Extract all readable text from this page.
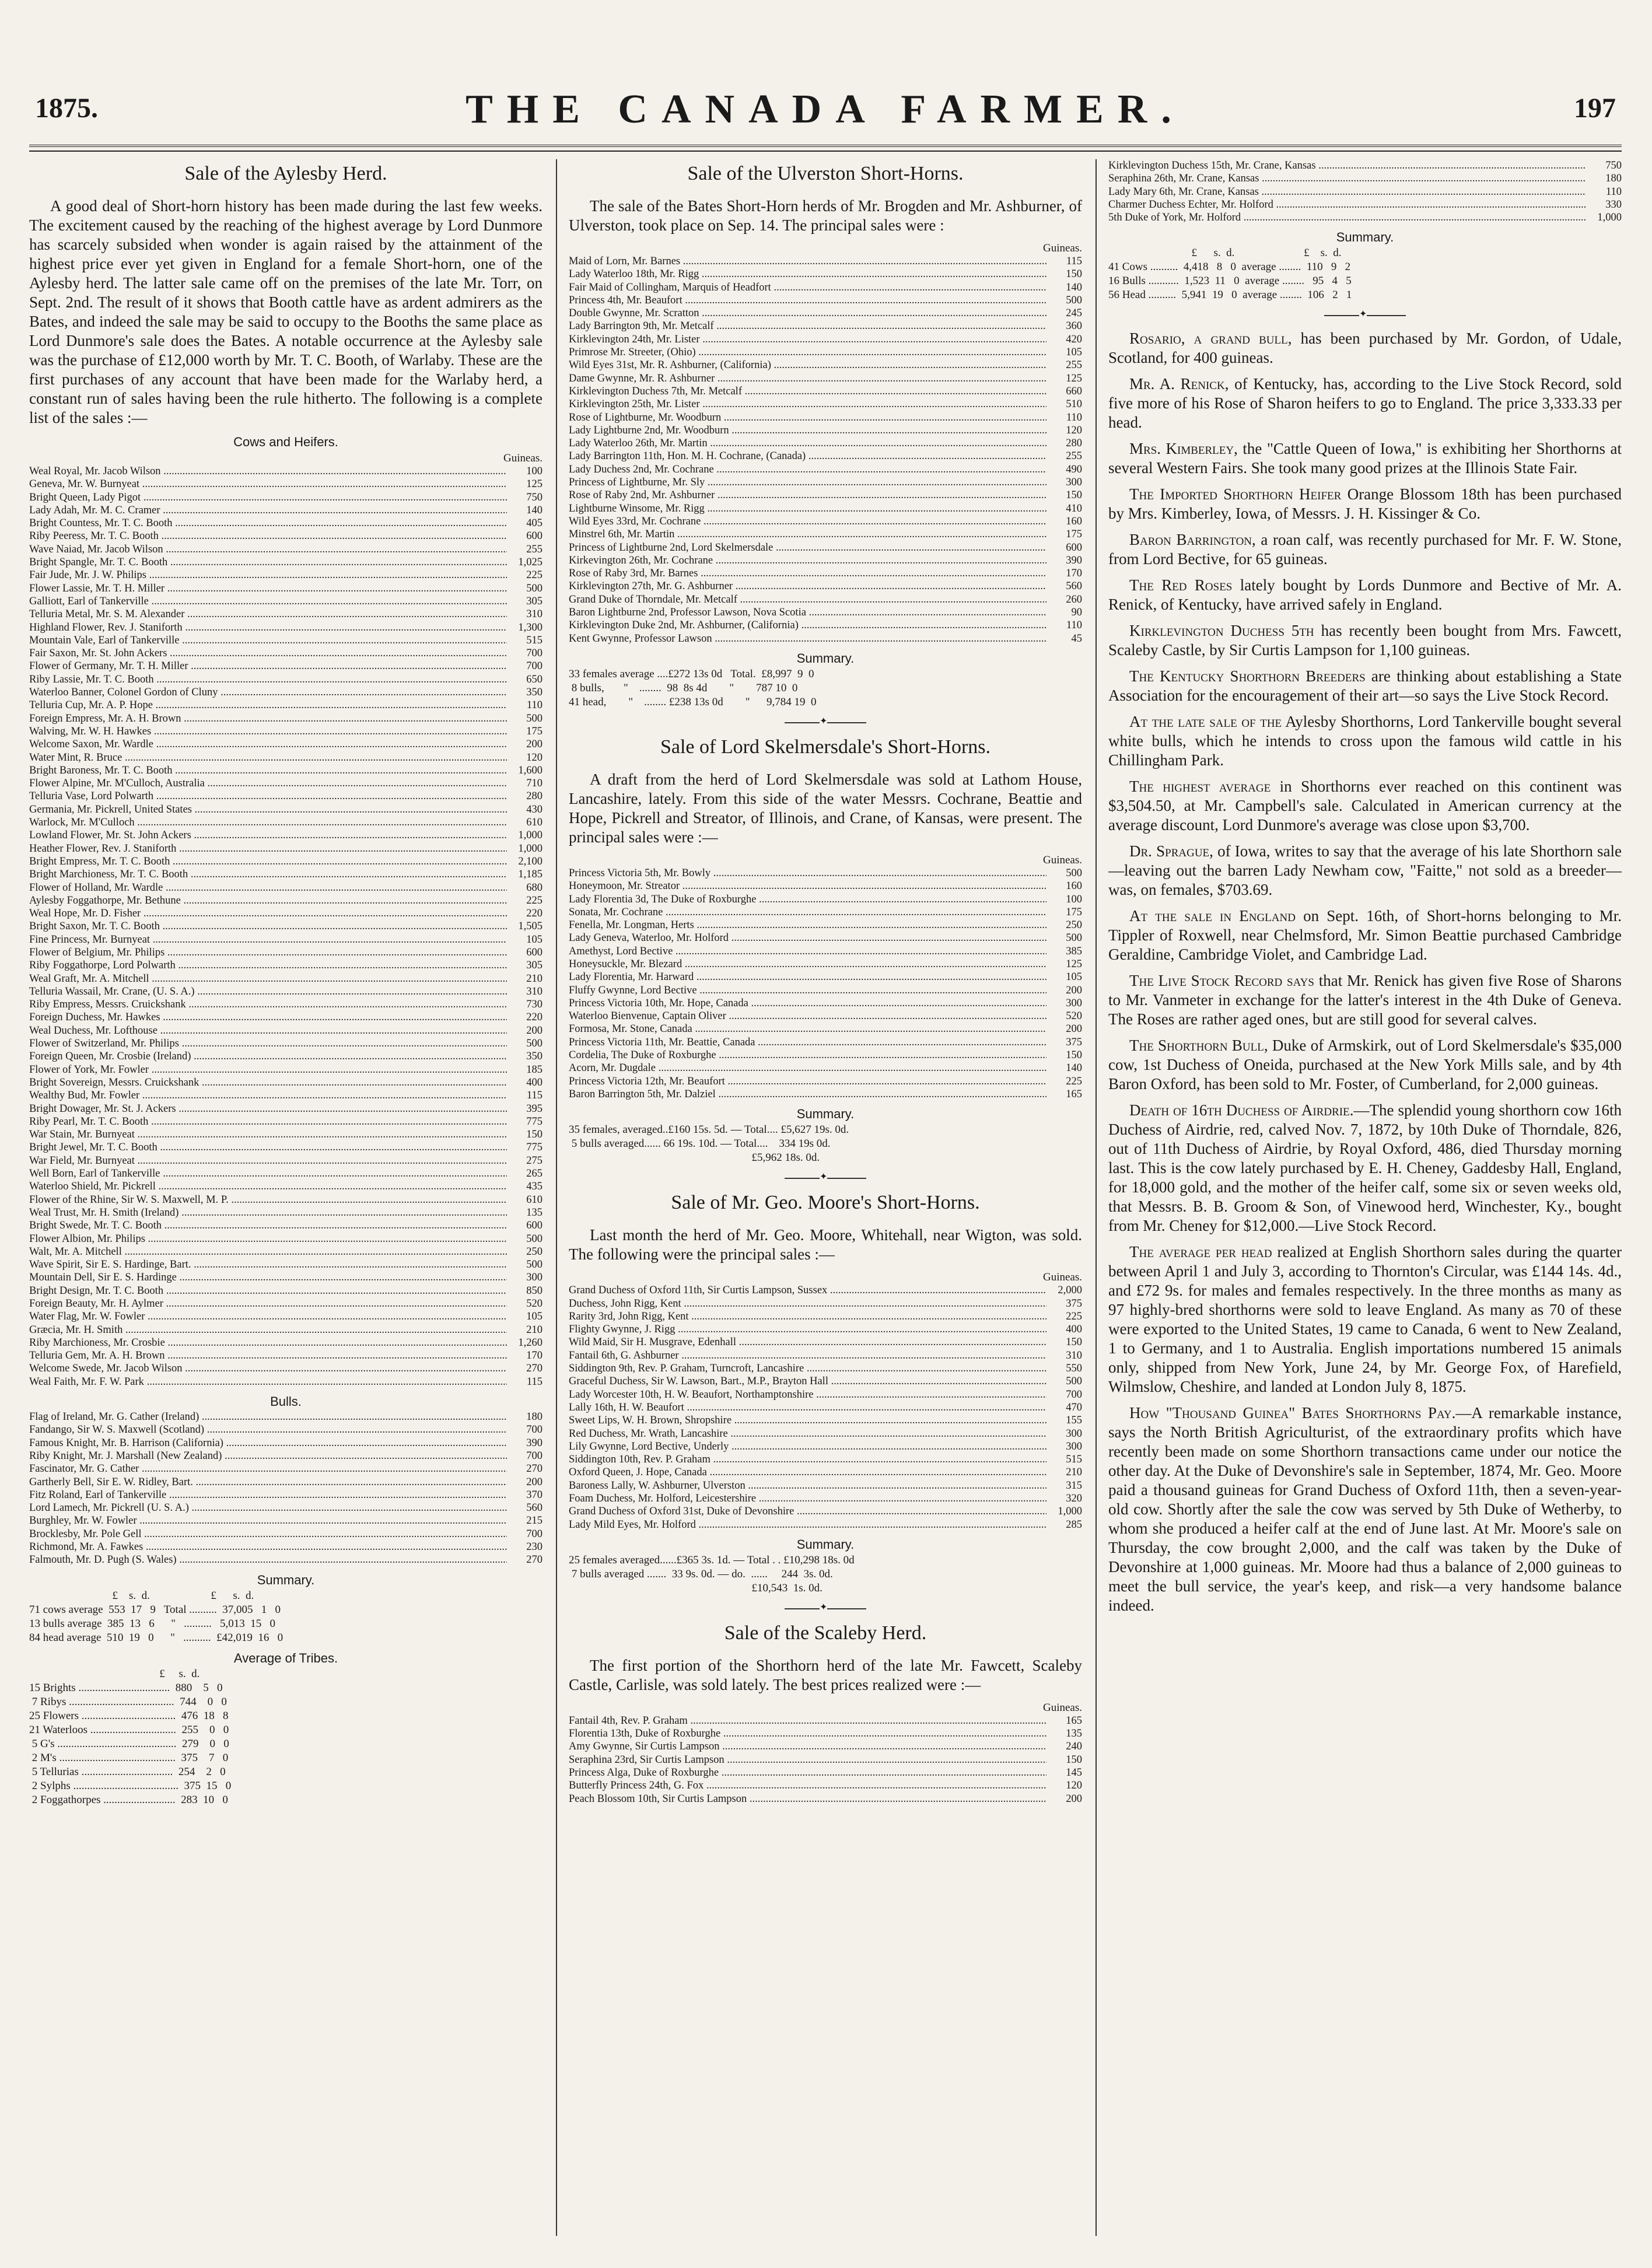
1875.	THE CANADA FARMER.	197
Sale of the Aylesby Herd.

A good deal of Short-horn history has been made during the last few weeks. The excitement caused by the reaching of the highest average by Lord Dunmore has scarcely subsided when wonder is again raised by the attainment of the highest price ever yet given in England for a female Short-horn, one of the Aylesby herd. The latter sale came off on the premises of the late Mr. Torr, on Sept. 2nd. The result of it shows that Booth cattle have as ardent admirers as the Bates, and indeed the sale may be said to occupy to the Booths the same place as Lord Dunmore's sale does the Bates. A notable occurrence at the Aylesby sale was the purchase of £12,000 worth by Mr. T. C. Booth, of Warlaby. These are the first purchases of any account that have been made for the Warlaby herd, a constant run of sales having been the rule hitherto. The following is a complete list of the sales :—

Cows and Heifers.
Guineas.
Weal Royal, Mr. Jacob Wilson .....	100
Geneva, Mr. W. Burnyeat .....	125
Bright Queen, Lady Pigot .....	750
Lady Adah, Mr. M. C. Cramer .....	140
Bright Countess, Mr. T. C. Booth .....	405
Riby Peeress, Mr. T. C. Booth .....	600
Wave Naiad, Mr. Jacob Wilson .....	255
Bright Spangle, Mr. T. C. Booth .....	1,025
Fair Jude, Mr. J. W. Philips .....	225
Flower Lassie, Mr. T. H. Miller .....	500
Galliott, Earl of Tankerville .....	305
Telluria Metal, Mr. S. M. Alexander .....	310
Highland Flower, Rev. J. Staniforth .....	1,300
Mountain Vale, Earl of Tankerville .....	515
Fair Saxon, Mr. St. John Ackers .....	700
Flower of Germany, Mr. T. H. Miller .....	700
Riby Lassie, Mr. T. C. Booth .....	650
Waterloo Banner, Colonel Gordon of Cluny .....	350
Telluria Cup, Mr. A. P. Hope .....	110
Foreign Empress, Mr. A. H. Brown .....	500
Walving, Mr. W. H. Hawkes .....	175
Welcome Saxon, Mr. Wardle .....	200
Water Mint, R. Bruce .....	120
Bright Baroness, Mr. T. C. Booth .....	1,600
Flower Alpine, Mr. M'Culloch, Australia .....	710
Telluria Vase, Lord Polwarth .....	280
Germania, Mr. Pickrell, United States .....	430
Warlock, Mr. M'Culloch .....	610
Lowland Flower, Mr. St. John Ackers .....	1,000
Heather Flower, Rev. J. Staniforth .....	1,000
Bright Empress, Mr. T. C. Booth .....	2,100
Bright Marchioness, Mr. T. C. Booth .....	1,185
Flower of Holland, Mr. Wardle .....	680
Aylesby Foggathorpe, Mr. Bethune .....	225
Weal Hope, Mr. D. Fisher .....	220
Bright Saxon, Mr. T. C. Booth .....	1,505
Fine Princess, Mr. Burnyeat .....	105
Flower of Belgium, Mr. Philips .....	600
Riby Foggathorpe, Lord Polwarth .....	305
Weal Graft, Mr. A. Mitchell .....	210
Telluria Wassail, Mr. Crane, (U. S. A.) .....	310
Riby Empress, Messrs. Cruickshank .....	730
Foreign Duchess, Mr. Hawkes .....	220
Weal Duchess, Mr. Lofthouse .....	200
Flower of Switzerland, Mr. Philips .....	500
Foreign Queen, Mr. Crosbie (Ireland) .....	350
Flower of York, Mr. Fowler .....	185
Bright Sovereign, Messrs. Cruickshank .....	400
Wealthy Bud, Mr. Fowler .....	115
Bright Dowager, Mr. St. J. Ackers .....	395
Riby Pearl, Mr. T. C. Booth .....	775
War Stain, Mr. Burnyeat .....	150
Bright Jewel, Mr. T. C. Booth .....	775
War Field, Mr. Burnyeat .....	275
Well Born, Earl of Tankerville .....	265
Waterloo Shield, Mr. Pickrell .....	435
Flower of the Rhine, Sir W. S. Maxwell, M. P. .....	610
Weal Trust, Mr. H. Smith (Ireland) .....	135
Bright Swede, Mr. T. C. Booth .....	600
Flower Albion, Mr. Philips .....	500
Walt, Mr. A. Mitchell .....	250
Wave Spirit, Sir E. S. Hardinge, Bart. .....	500
Mountain Dell, Sir E. S. Hardinge .....	300
Bright Design, Mr. T. C. Booth .....	850
Foreign Beauty, Mr. H. Aylmer .....	520
Water Flag, Mr. W. Fowler .....	105
Græcia, Mr. H. Smith .....	210
Riby Marchioness, Mr. Crosbie .....	1,260
Telluria Gem, Mr. A. H. Brown .....	170
Welcome Swede, Mr. Jacob Wilson .....	270
Weal Faith, Mr. F. W. Park .....	115
Bulls.
Flag of Ireland, Mr. G. Cather (Ireland) .....	180
Fandango, Sir W. S. Maxwell (Scotland) .....	700
Famous Knight, Mr. B. Harrison (California) .....	390
Riby Knight, Mr. J. Marshall (New Zealand) .....	700
Fascinator, Mr. G. Cather .....	270
Gartherly Bell, Sir E. W. Ridley, Bart. .....	200
Fitz Roland, Earl of Tankerville .....	370
Lord Lamech, Mr. Pickrell (U. S. A.) .....	560
Burghley, Mr. W. Fowler .....	215
Brocklesby, Mr. Pole Gell .....	700
Richmond, Mr. A. Fawkes .....	230
Falmouth, Mr. D. Pugh (S. Wales) .....	270
Summary.
£    s.  d.                      £      s.  d.
71 cows average  553  17   9   Total ..........  37,005   1   0
13 bulls average  385  13   6      "   ..........   5,013  15   0
84 head average  510  19   0      "   ..........  £42,019  16   0
Average of Tribes.
£     s.  d.
15 Brights .................................  880    5   0
7 Ribys ......................................  744    0   0
25 Flowers ..................................  476  18   8
21 Waterloos ...............................  255    0   0
5 G's ...........................................  279    0   0
2 M's ..........................................  375    7   0
5 Tellurias .................................  254    2   0
2 Sylphs ......................................  375  15   0
2 Foggathorpes ..........................  283  10   0
Sale of the Ulverston Short-Horns.

The sale of the Bates Short-Horn herds of Mr. Brogden and Mr. Ashburner, of Ulverston, took place on Sep. 14. The principal sales were :

Guineas.
Maid of Lorn, Mr. Barnes .....	115
Lady Waterloo 18th, Mr. Rigg .....	150
Fair Maid of Collingham, Marquis of Headfort .....	140
Princess 4th, Mr. Beaufort .....	500
Double Gwynne, Mr. Scratton .....	245
Lady Barrington 9th, Mr. Metcalf .....	360
Kirklevington 24th, Mr. Lister .....	420
Primrose Mr. Streeter, (Ohio) .....	105
Wild Eyes 31st, Mr. R. Ashburner, (California) .....	255
Dame Gwynne, Mr. R. Ashburner .....	125
Kirklevington Duchess 7th, Mr. Metcalf .....	660
Kirklevington 25th, Mr. Lister .....	510
Rose of Lightburne, Mr. Woodburn .....	110
Lady Lightburne 2nd, Mr. Woodburn .....	120
Lady Waterloo 26th, Mr. Martin .....	280
Lady Barrington 11th, Hon. M. H. Cochrane, (Canada) .....	255
Lady Duchess 2nd, Mr. Cochrane .....	490
Princess of Lightburne, Mr. Sly .....	300
Rose of Raby 2nd, Mr. Ashburner .....	150
Lightburne Winsome, Mr. Rigg .....	410
Wild Eyes 33rd, Mr. Cochrane .....	160
Minstrel 6th, Mr. Martin .....	175
Princess of Lightburne 2nd, Lord Skelmersdale .....	600
Kirkevington 26th, Mr. Cochrane .....	390
Rose of Raby 3rd, Mr. Barnes .....	170
Kirklevington 27th, Mr. G. Ashburner .....	560
Grand Duke of Thorndale, Mr. Metcalf .....	260
Baron Lightburne 2nd, Professor Lawson, Nova Scotia .....	90
Kirklevington Duke 2nd, Mr. Ashburner, (California) .....	110
Kent Gwynne, Professor Lawson .....	45
Summary.
33 females average ....£272 13s 0d   Total.  £8,997  9  0
8 bulls,       "    ........  98  8s 4d        "        787 10  0
41 head,        "    ........ £238 13s 0d        "      9,784 19  0
✦
Sale of Lord Skelmersdale's Short-Horns.

A draft from the herd of Lord Skelmersdale was sold at Lathom House, Lancashire, lately. From this side of the water Messrs. Cochrane, Beattie and Hope, Pickrell and Streator, of Illinois, and Crane, of Kansas, were present. The principal sales were :—

Guineas.
Princess Victoria 5th, Mr. Bowly .....	500
Honeymoon, Mr. Streator .....	160
Lady Florentia 3d, The Duke of Roxburghe .....	100
Sonata, Mr. Cochrane .....	175
Fenella, Mr. Longman, Herts .....	250
Lady Geneva, Waterloo, Mr. Holford .....	500
Amethyst, Lord Bective .....	385
Honeysuckle, Mr. Blezard .....	125
Lady Florentia, Mr. Harward .....	105
Fluffy Gwynne, Lord Bective .....	200
Princess Victoria 10th, Mr. Hope, Canada .....	300
Waterloo Bienvenue, Captain Oliver .....	520
Formosa, Mr. Stone, Canada .....	200
Princess Victoria 11th, Mr. Beattie, Canada .....	375
Cordelia, The Duke of Roxburghe .....	150
Acorn, Mr. Dugdale .....	140
Princess Victoria 12th, Mr. Beaufort .....	225
Baron Barrington 5th, Mr. Dalziel .....	165
Summary.
35 females, averaged..£160 15s. 5d. — Total.... £5,627 19s. 0d.
5 bulls averaged...... 66 19s. 10d. — Total....    334 19s 0d.
£5,962 18s. 0d.
✦
Sale of Mr. Geo. Moore's Short-Horns.

Last month the herd of Mr. Geo. Moore, Whitehall, near Wigton, was sold. The following were the principal sales :—

Guineas.
Grand Duchess of Oxford 11th, Sir Curtis Lampson, Sussex .....	2,000
Duchess, John Rigg, Kent .....	375
Rarity 3rd, John Rigg, Kent .....	225
Flighty Gwynne, J. Rigg .....	400
Wild Maid, Sir H. Musgrave, Edenhall .....	150
Fantail 6th, G. Ashburner .....	310
Siddington 9th, Rev. P. Graham, Turncroft, Lancashire .....	550
Graceful Duchess, Sir W. Lawson, Bart., M.P., Brayton Hall .....	500
Lady Worcester 10th, H. W. Beaufort, Northamptonshire .....	700
Lally 16th, H. W. Beaufort .....	470
Sweet Lips, W. H. Brown, Shropshire .....	155
Red Duchess, Mr. Wrath, Lancashire .....	300
Lily Gwynne, Lord Bective, Underly .....	300
Siddington 10th, Rev. P. Graham .....	515
Oxford Queen, J. Hope, Canada .....	210
Baroness Lally, W. Ashburner, Ulverston .....	315
Foam Duchess, Mr. Holford, Leicestershire .....	320
Grand Duchess of Oxford 31st, Duke of Devonshire .....	1,000
Lady Mild Eyes, Mr. Holford .....	285
Summary.
25 females averaged......£365 3s. 1d. — Total . . £10,298 18s. 0d
7 bulls averaged .......  33 9s. 0d. — do.  ......     244  3s. 0d.
£10,543  1s. 0d.
✦
Sale of the Scaleby Herd.

The first portion of the Shorthorn herd of the late Mr. Fawcett, Scaleby Castle, Carlisle, was sold lately. The best prices realized were :—

Guineas.
Fantail 4th, Rev. P. Graham .....	165
Florentia 13th, Duke of Roxburghe .....	135
Amy Gwynne, Sir Curtis Lampson .....	240
Seraphina 23rd, Sir Curtis Lampson .....	150
Princess Alga, Duke of Roxburghe .....	145
Butterfly Princess 24th, G. Fox .....	120
Peach Blossom 10th, Sir Curtis Lampson .....	200
Kirklevington Duchess 15th, Mr. Crane, Kansas .....	750
Seraphina 26th, Mr. Crane, Kansas .....	180
Lady Mary 6th, Mr. Crane, Kansas .....	110
Charmer Duchess Echter, Mr. Holford .....	330
5th Duke of York, Mr. Holford .....	1,000
Summary.
£      s.  d.                         £    s.  d.
41 Cows ..........  4,418   8   0  average ........  110   9   2
16 Bulls ...........  1,523  11   0  average ........   95   4   5
56 Head ..........  5,941  19   0  average ........  106   2   1
✦

Rosario, a grand bull, has been purchased by Mr. Gordon, of Udale, Scotland, for 400 guineas.

Mr. A. Renick, of Kentucky, has, according to the Live Stock Record, sold five more of his Rose of Sharon heifers to go to England. The price 3,333.33 per head.

Mrs. Kimberley, the "Cattle Queen of Iowa," is exhibiting her Shorthorns at several Western Fairs. She took many good prizes at the Illinois State Fair.

The Imported Shorthorn Heifer Orange Blossom 18th has been purchased by Mrs. Kimberley, Iowa, of Messrs. J. H. Kissinger & Co.

Baron Barrington, a roan calf, was recently purchased for Mr. F. W. Stone, from Lord Bective, for 65 guineas.

The Red Roses lately bought by Lords Dunmore and Bective of Mr. A. Renick, of Kentucky, have arrived safely in England.

Kirklevington Duchess 5th has recently been bought from Mrs. Fawcett, Scaleby Castle, by Sir Curtis Lampson for 1,100 guineas.

The Kentucky Shorthorn Breeders are thinking about establishing a State Association for the encouragement of their art—so says the Live Stock Record.

At the late sale of the Aylesby Shorthorns, Lord Tankerville bought several white bulls, which he intends to cross upon the famous wild cattle in his Chillingham Park.

The highest average in Shorthorns ever reached on this continent was $3,504.50, at Mr. Campbell's sale. Calculated in American currency at the average discount, Lord Dunmore's average was close upon $3,700.

Dr. Sprague, of Iowa, writes to say that the average of his late Shorthorn sale—leaving out the barren Lady Newham cow, "Faitte," not sold as a breeder—was, on females, $703.69.

At the sale in England on Sept. 16th, of Short-horns belonging to Mr. Tippler of Roxwell, near Chelmsford, Mr. Simon Beattie purchased Cambridge Geraldine, Cambridge Violet, and Cambridge Lad.

The Live Stock Record says that Mr. Renick has given five Rose of Sharons to Mr. Vanmeter in exchange for the latter's interest in the 4th Duke of Geneva. The Roses are rather aged ones, but are still good for several calves.

The Shorthorn Bull, Duke of Armskirk, out of Lord Skelmersdale's $35,000 cow, 1st Duchess of Oneida, purchased at the New York Mills sale, and by 4th Baron Oxford, has been sold to Mr. Foster, of Cumberland, for 2,000 guineas.

Death of 16th Duchess of Airdrie.—The splendid young shorthorn cow 16th Duchess of Airdrie, red, calved Nov. 7, 1872, by 10th Duke of Thorndale, 826, out of 11th Duchess of Airdrie, by Royal Oxford, 486, died Thursday morning last. This is the cow lately purchased by E. H. Cheney, Gaddesby Hall, England, for 18,000 gold, and the mother of the heifer calf, some six or seven weeks old, that Messrs. B. B. Groom & Son, of Vinewood herd, Winchester, Ky., bought from Mr. Cheney for $12,000.—Live Stock Record.

The average per head realized at English Shorthorn sales during the quarter between April 1 and July 3, according to Thornton's Circular, was £144 14s. 4d., and £72 9s. for males and females respectively. In the three months as many as 97 highly-bred shorthorns were sold to leave England. As many as 70 of these were exported to the United States, 19 came to Canada, 6 went to New Zealand, 1 to Germany, and 1 to Australia. English importations numbered 15 animals only, shipped from New York, June 24, by Mr. George Fox, of Harefield, Wilmslow, Cheshire, and landed at London July 8, 1875.

How "Thousand Guinea" Bates Shorthorns Pay.—A remarkable instance, says the North British Agriculturist, of the extraordinary profits which have recently been made on some Shorthorn transactions came under our notice the other day. At the Duke of Devonshire's sale in September, 1874, Mr. Geo. Moore paid a thousand guineas for Grand Duchess of Oxford 11th, then a seven-year-old cow. Shortly after the sale the cow was served by 5th Duke of Wetherby, to whom she produced a heifer calf at the end of June last. At Mr. Moore's sale on Thursday, the cow brought 2,000, and the calf was taken by the Duke of Devonshire at 1,000 guineas. Mr. Moore had thus a balance of 2,000 guineas to meet the bull service, the year's keep, and risk—a very handsome balance indeed.
